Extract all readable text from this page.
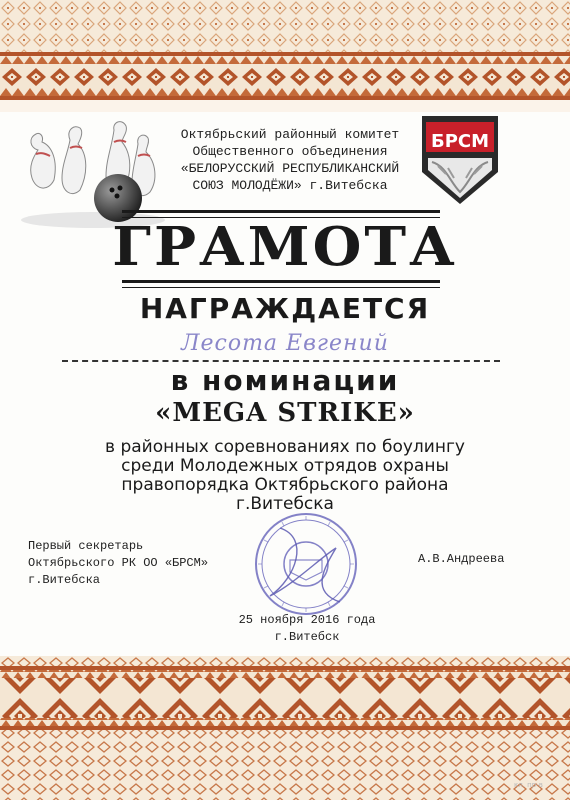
Октябрьский районный комитет
Общественного объединения
«БЕЛОРУССКИЙ РЕСПУБЛИКАНСКИЙ
СОЮЗ МОЛОДЁЖИ» г.Витебска
БРСМ
ГРАМОТА
НАГРАЖДАЕТСЯ
Лесота Евгений
в номинации
«MEGA STRIKE»
в районных соревнованиях по боулингу
среди Молодежных отрядов охраны
правопорядка Октябрьского района
г.Витебска
Первый секретарь
Октябрьского РК ОО «БРСМ»
г.Витебска
А.В.Андреева
25 ноября 2016 года
г.Витебск
кл. пр-в
